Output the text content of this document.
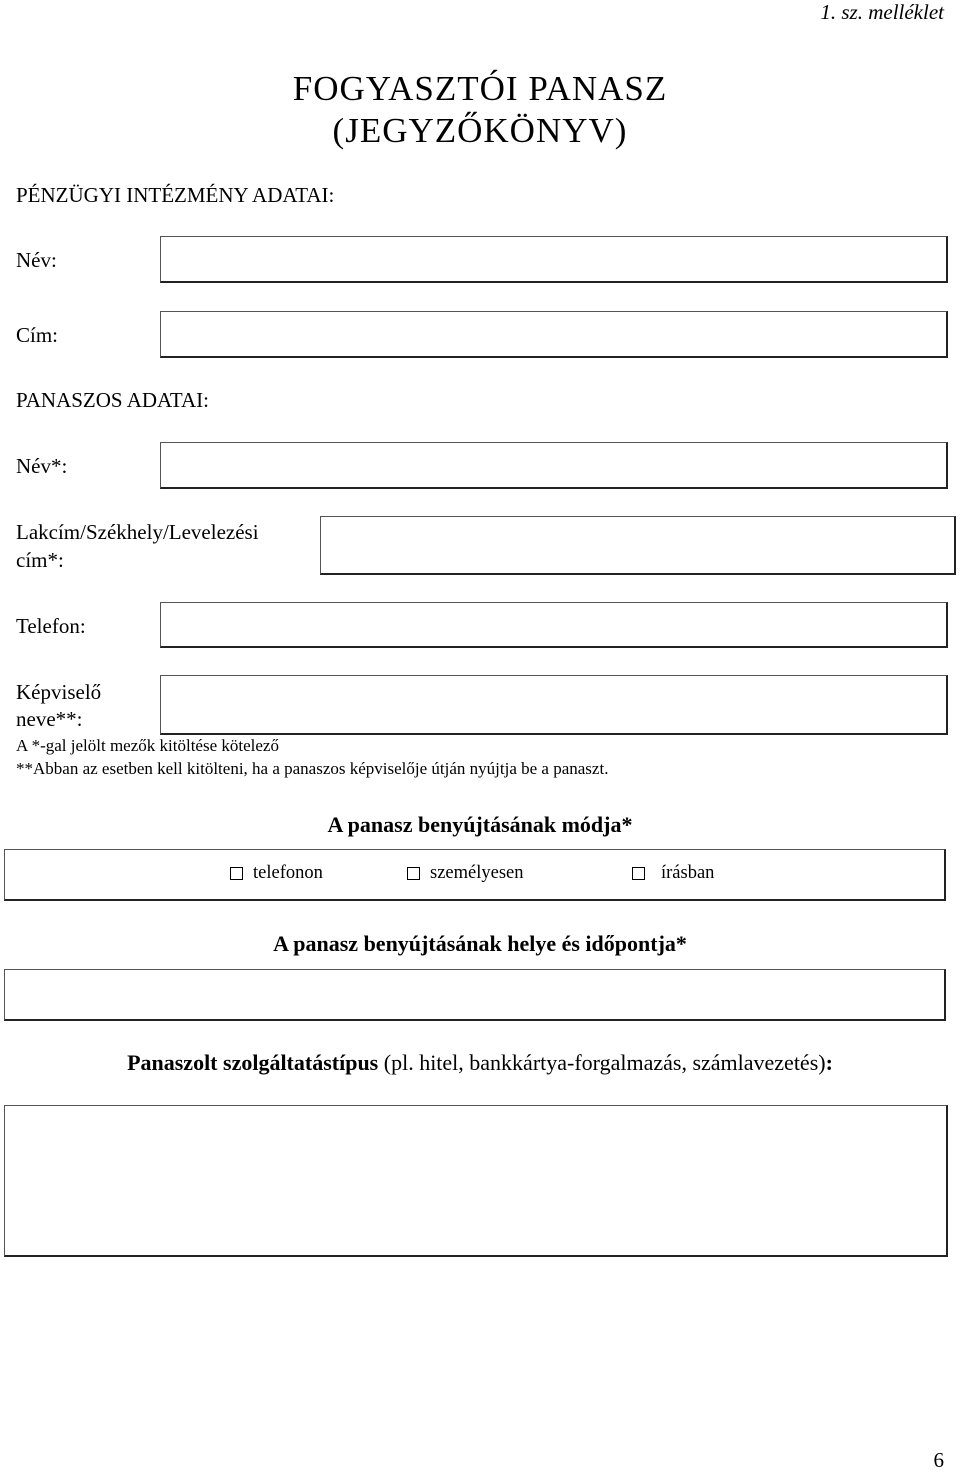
1. sz. melléklet
FOGYASZTÓI PANASZ
(JEGYZŐKÖNYV)
PÉNZÜGYI INTÉZMÉNY ADATAI:
Név:
Cím:
PANASZOS ADATAI:
Név*:
Lakcím/Székhely/Levelezési
cím*:
Telefon:
Képviselő
neve**:
A *-gal jelölt mezők kitöltése kötelező
**Abban az esetben kell kitölteni, ha a panaszos képviselője útján nyújtja be a panaszt.
A panasz benyújtásának módja*
telefonon	személyesen	írásban
A panasz benyújtásának helye és időpontja*
Panaszolt szolgáltatástípus (pl. hitel, bankkártya-forgalmazás, számlavezetés):
6
